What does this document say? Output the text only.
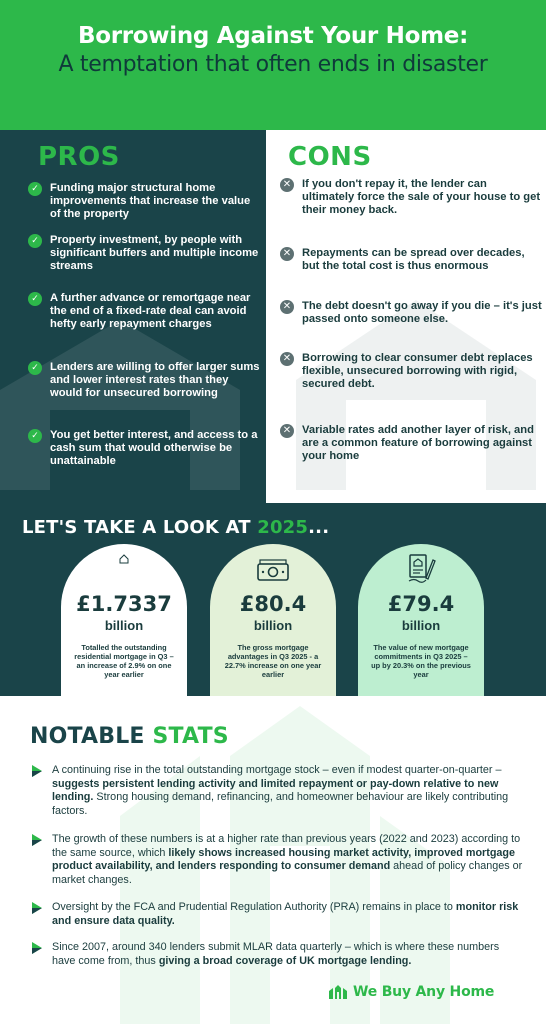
Borrowing Against Your Home:
A temptation that often ends in disaster
PROS
✓ Funding major structural home improvements that increase the value of the property
✓ Property investment, by people with significant buffers and multiple income streams
✓ A further advance or remortgage near the end of a fixed-rate deal can avoid hefty early repayment charges
✓ Lenders are willing to offer larger sums and lower interest rates than they would for unsecured borrowing
✓ You get better interest, and access to a cash sum that would otherwise be unattainable
CONS
✕ If you don't repay it, the lender can ultimately force the sale of your house to get their money back.
✕ Repayments can be spread over decades, but the total cost is thus enormous
✕ The debt doesn't go away if you die – it's just passed onto someone else.
✕ Borrowing to clear consumer debt replaces flexible, unsecured borrowing with rigid, secured debt.
✕ Variable rates add another layer of risk, and are a common feature of borrowing against your home
LET'S TAKE A LOOK AT 2025...
£1.7337
billion
Totalled the outstanding residential mortgage in Q3 – an increase of 2.9% on one year earlier
£80.4
billion
The gross mortgage advantages in Q3 2025 - a 22.7% increase on one year earlier
£79.4
billion
The value of new mortgage commitments in Q3 2025 – up by 20.3% on the previous year
NOTABLE STATS
A continuing rise in the total outstanding mortgage stock – even if modest quarter-on-quarter – suggests persistent lending activity and limited repayment or pay-down relative to new lending. Strong housing demand, refinancing, and homeowner behaviour are likely contributing factors.
The growth of these numbers is at a higher rate than previous years (2022 and 2023) according to the same source, which likely shows increased housing market activity, improved mortgage product availability, and lenders responding to consumer demand ahead of policy changes or market changes.
Oversight by the FCA and Prudential Regulation Authority (PRA) remains in place to monitor risk and ensure data quality.
Since 2007, around 340 lenders submit MLAR data quarterly – which is where these numbers have come from, thus giving a broad coverage of UK mortgage lending.
We Buy Any Home
